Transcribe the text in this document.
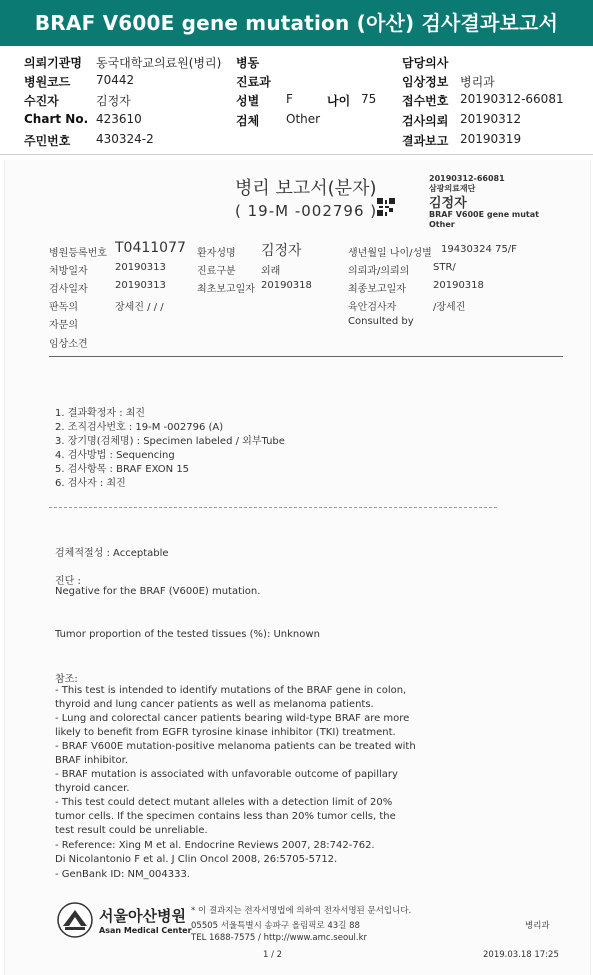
BRAF V600E gene mutation (아산) 검사결과보고서
의뢰기관명 동국대학교의료원(병리) 병동	담당의사
병원코드 70442	진료과	임상정보 병리과
수진자	김정자	성별 F	나이 75 접수번호 20190312-66081
Chart No. 423610	검체 Other	검사의뢰 20190312
주민번호 430324-2	결과보고 20190319
병리 보고서(분자)
( 19-M -002796 )
20190312-66081
삼광의료재단
김정자
BRAF V600E gene mutat
Other
병원등록번호 T0411077 환자성명 김정자	생년월일 나이/성별 19430324 75/F
처방일자	20190313	진료구분	외래	의뢰과/의뢰의 STR/
검사일자	20190313	최초보고일자 20190318	최종보고일자	20190318
판독의	장세진 / / /	육안검사자	/장세진
자문의	Consulted by
임상소견
1. 결과확정자 : 최진
2. 조직검사번호 : 19-M -002796 (A)
3. 장기명(검체명) : Specimen labeled / 외부Tube
4. 검사방법 : Sequencing
5. 검사항목 : BRAF EXON 15
6. 검사자 : 최진
검체적절성 : Acceptable
진단 :
Negative for the BRAF (V600E) mutation.
Tumor proportion of the tested tissues (%): Unknown
참조:
- This test is intended to identify mutations of the BRAF gene in colon,
thyroid and lung cancer patients as well as melanoma patients.
- Lung and colorectal cancer patients bearing wild-type BRAF are more
likely to benefit from EGFR tyrosine kinase inhibitor (TKI) treatment.
- BRAF V600E mutation-positive melanoma patients can be treated with
BRAF inhibitor.
- BRAF mutation is associated with unfavorable outcome of papillary
thyroid cancer.
- This test could detect mutant alleles with a detection limit of 20%
tumor cells. If the specimen contains less than 20% tumor cells, the
test result could be unreliable.
- Reference: Xing M et al. Endocrine Reviews 2007, 28:742-762.
Di Nicolantonio F et al. J Clin Oncol 2008, 26:5705-5712.
- GenBank ID: NM_004333.
서울아산병원
Asan Medical Center
* 이 결과지는 전자서명법에 의하여 전자서명된 문서입니다.
05505 서울특별시 송파구 올림픽로 43길 88
TEL 1688-7575 / http://www.amc.seoul.kr
병리과
1 / 2	2019.03.18 17:25
